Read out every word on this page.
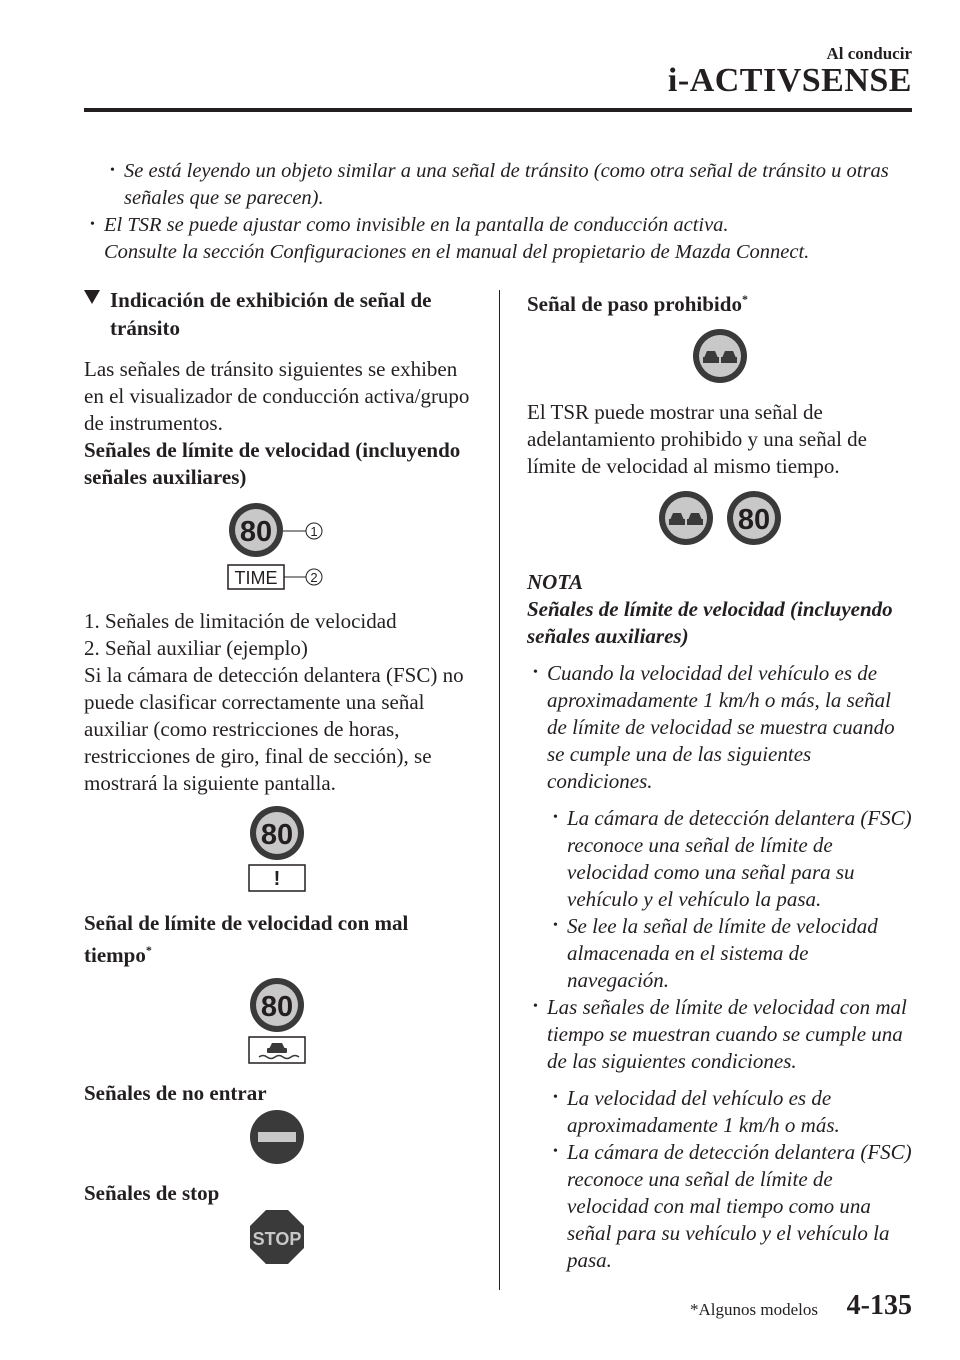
Al conducir
i-ACTIVSENSE
• Se está leyendo un objeto similar a una señal de tránsito (como otra señal de tránsito u otras señales que se parecen).
• El TSR se puede ajustar como invisible en la pantalla de conducción activa.
Consulte la sección Configuraciones en el manual del propietario de Mazda Connect.
Indicación de exhibición de señal de tránsito

Las señales de tránsito siguientes se exhiben en el visualizador de conducción activa/grupo de instrumentos.

Señales de límite de velocidad (incluyendo señales auxiliares)

80	1
TIME	2

1. Señales de limitación de velocidad

2. Señal auxiliar (ejemplo)

Si la cámara de detección delantera (FSC) no puede clasificar correctamente una señal auxiliar (como restricciones de horas, restricciones de giro, final de sección), se mostrará la siguiente pantalla.

80
!

Señal de límite de velocidad con mal tiempo*

80

Señales de no entrar

Señales de stop

STOP

Señal de paso prohibido*

El TSR puede mostrar una señal de adelantamiento prohibido y una señal de límite de velocidad al mismo tiempo.

80

NOTA

Señales de límite de velocidad (incluyendo señales auxiliares)

• Cuando la velocidad del vehículo es de aproximadamente 1 km/h o más, la señal de límite de velocidad se muestra cuando se cumple una de las siguientes condiciones.
• La cámara de detección delantera (FSC) reconoce una señal de límite de velocidad como una señal para su vehículo y el vehículo la pasa.
• Se lee la señal de límite de velocidad almacenada en el sistema de navegación.
• Las señales de límite de velocidad con mal tiempo se muestran cuando se cumple una de las siguientes condiciones.
• La velocidad del vehículo es de aproximadamente 1 km/h o más.
• La cámara de detección delantera (FSC) reconoce una señal de límite de velocidad con mal tiempo como una señal para su vehículo y el vehículo la pasa.
*Algunos modelos 4-135
